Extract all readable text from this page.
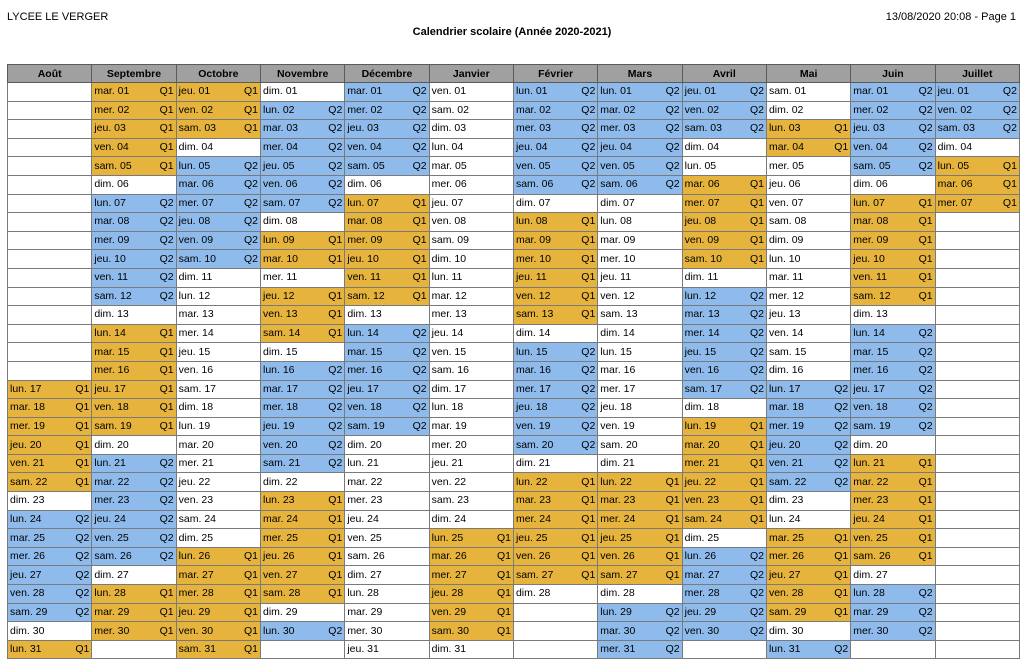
LYCEE LE VERGER
Calendrier scolaire (Année 2020-2021)
13/08/2020 20:08 - Page 1
Août	Septembre	Octobre	Novembre	Décembre	Janvier	Février	Mars	Avril	Mai	Juin	Juillet

	mar. 01 Q1	jeu. 01 Q1	dim. 01	mar. 01 Q2	ven. 01	lun. 01 Q2	lun. 01 Q2	jeu. 01 Q2	sam. 01	mar. 01 Q2	jeu. 01 Q2

	mer. 02 Q1	ven. 02 Q1	lun. 02 Q2	mer. 02 Q2	sam. 02	mar. 02 Q2	mar. 02 Q2	ven. 02 Q2	dim. 02	mer. 02 Q2	ven. 02 Q2

	jeu. 03 Q1	sam. 03 Q1	mar. 03 Q2	jeu. 03 Q2	dim. 03	mer. 03 Q2	mer. 03 Q2	sam. 03 Q2	lun. 03 Q1	jeu. 03 Q2	sam. 03 Q2

	ven. 04 Q1	dim. 04	mer. 04 Q2	ven. 04 Q2	lun. 04	jeu. 04 Q2	jeu. 04 Q2	dim. 04	mar. 04 Q1	ven. 04 Q2	dim. 04

	sam. 05 Q1	lun. 05 Q2	jeu. 05 Q2	sam. 05 Q2	mar. 05	ven. 05 Q2	ven. 05 Q2	lun. 05	mer. 05	sam. 05 Q2	lun. 05 Q1

	dim. 06	mar. 06 Q2	ven. 06 Q2	dim. 06	mer. 06	sam. 06 Q2	sam. 06 Q2	mar. 06 Q1	jeu. 06	dim. 06	mar. 06 Q1

	lun. 07 Q2	mer. 07 Q2	sam. 07 Q2	lun. 07 Q1	jeu. 07	dim. 07	dim. 07	mer. 07 Q1	ven. 07	lun. 07 Q1	mer. 07 Q1

	mar. 08 Q2	jeu. 08 Q2	dim. 08	mar. 08 Q1	ven. 08	lun. 08 Q1	lun. 08	jeu. 08 Q1	sam. 08	mar. 08 Q1	

	mer. 09 Q2	ven. 09 Q2	lun. 09 Q1	mer. 09 Q1	sam. 09	mar. 09 Q1	mar. 09	ven. 09 Q1	dim. 09	mer. 09 Q1	

	jeu. 10 Q2	sam. 10 Q2	mar. 10 Q1	jeu. 10 Q1	dim. 10	mer. 10 Q1	mer. 10	sam. 10 Q1	lun. 10	jeu. 10 Q1	

	ven. 11 Q2	dim. 11	mer. 11	ven. 11 Q1	lun. 11	jeu. 11 Q1	jeu. 11	dim. 11	mar. 11	ven. 11 Q1	

	sam. 12 Q2	lun. 12	jeu. 12 Q1	sam. 12 Q1	mar. 12	ven. 12 Q1	ven. 12	lun. 12 Q2	mer. 12	sam. 12 Q1	

	dim. 13	mar. 13	ven. 13 Q1	dim. 13	mer. 13	sam. 13 Q1	sam. 13	mar. 13 Q2	jeu. 13	dim. 13	

	lun. 14 Q1	mer. 14	sam. 14 Q1	lun. 14 Q2	jeu. 14	dim. 14	dim. 14	mer. 14 Q2	ven. 14	lun. 14 Q2	

	mar. 15 Q1	jeu. 15	dim. 15	mar. 15 Q2	ven. 15	lun. 15 Q2	lun. 15	jeu. 15 Q2	sam. 15	mar. 15 Q2	

	mer. 16 Q1	ven. 16	lun. 16 Q2	mer. 16 Q2	sam. 16	mar. 16 Q2	mar. 16	ven. 16 Q2	dim. 16	mer. 16 Q2	

lun. 17 Q1	jeu. 17 Q1	sam. 17	mar. 17 Q2	jeu. 17 Q2	dim. 17	mer. 17 Q2	mer. 17	sam. 17 Q2	lun. 17 Q2	jeu. 17 Q2	

mar. 18 Q1	ven. 18 Q1	dim. 18	mer. 18 Q2	ven. 18 Q2	lun. 18	jeu. 18 Q2	jeu. 18	dim. 18	mar. 18 Q2	ven. 18 Q2	

mer. 19 Q1	sam. 19 Q1	lun. 19	jeu. 19 Q2	sam. 19 Q2	mar. 19	ven. 19 Q2	ven. 19	lun. 19 Q1	mer. 19 Q2	sam. 19 Q2	

jeu. 20 Q1	dim. 20	mar. 20	ven. 20 Q2	dim. 20	mer. 20	sam. 20 Q2	sam. 20	mar. 20 Q1	jeu. 20 Q2	dim. 20	

ven. 21 Q1	lun. 21 Q2	mer. 21	sam. 21 Q2	lun. 21	jeu. 21	dim. 21	dim. 21	mer. 21 Q1	ven. 21 Q2	lun. 21 Q1	

sam. 22 Q1	mar. 22 Q2	jeu. 22	dim. 22	mar. 22	ven. 22	lun. 22 Q1	lun. 22 Q1	jeu. 22 Q1	sam. 22 Q2	mar. 22 Q1	

dim. 23	mer. 23 Q2	ven. 23	lun. 23 Q1	mer. 23	sam. 23	mar. 23 Q1	mar. 23 Q1	ven. 23 Q1	dim. 23	mer. 23 Q1	

lun. 24 Q2	jeu. 24 Q2	sam. 24	mar. 24 Q1	jeu. 24	dim. 24	mer. 24 Q1	mer. 24 Q1	sam. 24 Q1	lun. 24	jeu. 24 Q1	

mar. 25 Q2	ven. 25 Q2	dim. 25	mer. 25 Q1	ven. 25	lun. 25 Q1	jeu. 25 Q1	jeu. 25 Q1	dim. 25	mar. 25 Q1	ven. 25 Q1	

mer. 26 Q2	sam. 26 Q2	lun. 26 Q1	jeu. 26 Q1	sam. 26	mar. 26 Q1	ven. 26 Q1	ven. 26 Q1	lun. 26 Q2	mer. 26 Q1	sam. 26 Q1	

jeu. 27 Q2	dim. 27	mar. 27 Q1	ven. 27 Q1	dim. 27	mer. 27 Q1	sam. 27 Q1	sam. 27 Q1	mar. 27 Q2	jeu. 27 Q1	dim. 27	

ven. 28 Q2	lun. 28 Q1	mer. 28 Q1	sam. 28 Q1	lun. 28	jeu. 28 Q1	dim. 28	dim. 28	mer. 28 Q2	ven. 28 Q1	lun. 28 Q2	

sam. 29 Q2	mar. 29 Q1	jeu. 29 Q1	dim. 29	mar. 29	ven. 29 Q1		lun. 29 Q2	jeu. 29 Q2	sam. 29 Q1	mar. 29 Q2	

dim. 30	mer. 30 Q1	ven. 30 Q1	lun. 30 Q2	mer. 30	sam. 30 Q1		mar. 30 Q2	ven. 30 Q2	dim. 30	mer. 30 Q2	

lun. 31 Q1		sam. 31 Q1		jeu. 31	dim. 31		mer. 31 Q2		lun. 31 Q2		
